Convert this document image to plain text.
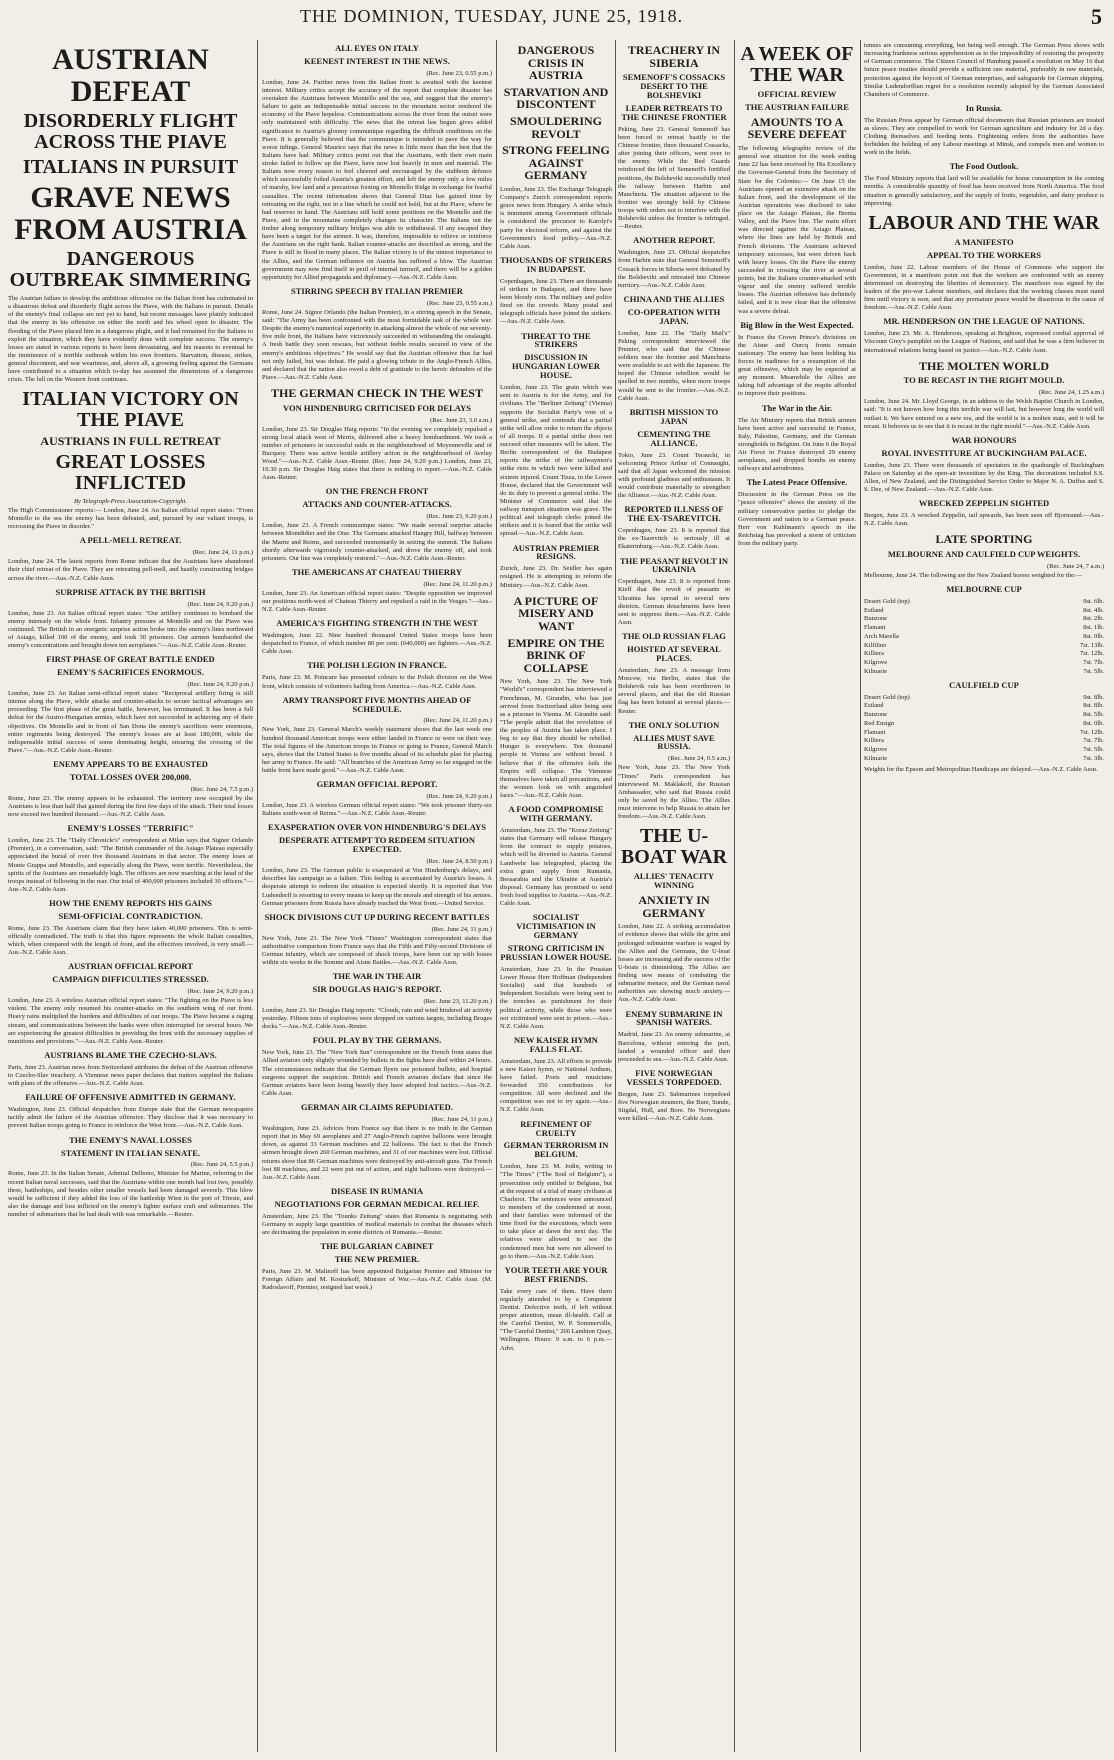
THE DOMINION, TUESDAY, JUNE 25, 1918.	5
AUSTRIAN DEFEAT
DISORDERLY FLIGHT ACROSS THE PIAVE
ITALIANS IN PURSUIT
GRAVE NEWS FROM AUSTRIA
DANGEROUS OUTBREAK SIMMERING
The Austrian failure to develop the ambitious offensive on the Italian front has culminated in a disastrous defeat and disorderly flight across the Piave, with the Italians in pursuit. Details of the enemy's final collapse are not yet to hand, but recent messages have plainly indicated that the enemy in his offensive on either the north and his wheel open to disaster. The flooding of the Piave placed him in a dangerous plight, and it had remained for the Italians to exploit the situation, which they have evidently done with complete success. The enemy's losses are stated in various reports to have been devastating, and his reasons to eventual be the imminence of a terrible outbreak within his own frontiers. Starvation, disease, strikes, general discontent, and war weariness, and, above all, a growing feeling against the Germans have contributed to a situation which to-day has assumed the dimensions of a dangerous crisis. The lull on the Western front continues.
ITALIAN VICTORY ON THE PIAVE
AUSTRIANS IN FULL RETREAT
GREAT LOSSES INFLICTED
By Telegraph-Press Association-Copyright.
The High Commissioner reports:— London, June 24. An Italian official report states: "From Montello to the sea the enemy has been defeated, and, pursued by our valiant troops, is recrossing the Piave in disorder."
A PELL-MELL RETREAT.
(Rec. June 24, 11 p.m.)
London, June 24. The latest reports from Rome indicate that the Austrians have abandoned their chief retreat of the Piave. They are retreating pell-mell, and hastily constructing bridges across the river.—Aus.-N.Z. Cable Assn.
SURPRISE ATTACK BY THE BRITISH
(Rec. June 24, 9.20 p.m.)
London, June 23. An Italian official report states: "Our artillery continues to bombard the enemy intensely on the whole front. Infantry pressure at Montello and on the Piave was continued. The British in an energetic surprise action broke into the enemy's lines northward of Asiago, killed 100 of the enemy, and took 30 prisoners. Our airmen bombarded the enemy's concentrations and brought down ten aeroplanes."—Aus.-N.Z. Cable Assn.-Reuter.
FIRST PHASE OF GREAT BATTLE ENDED
ENEMY'S SACRIFICES ENORMOUS.
(Rec. June 24, 9.20 p.m.)
London, June 23. An Italian semi-official report states: "Reciprocal artillery firing is still intense along the Piave, while attacks and counter-attacks to secure tactical advantages are proceeding. The first phase of the great battle, however, has terminated. It has been a full defeat for the Austro-Hungarian armies, which have not succeeded in achieving any of their objectives. On Montello and in front of San Dona the enemy's sacrifices were enormous, entire regiments being destroyed. The enemy's losses are at least 180,000, while the indispensable initial success of some dominating height, ensuring the crossing of the Piave."—Aus.-N.Z. Cable Assn.-Reuter.
ENEMY APPEARS TO BE EXHAUSTED
TOTAL LOSSES OVER 200,000.
(Rec. June 24, 7.5 p.m.)
Rome, June 23. The enemy appears to be exhausted. The territory now occupied by the Austrians is less than half that gained during the first few days of the attack. Their total losses now exceed two hundred thousand.—Aus.-N.Z. Cable Assn.
ENEMY'S LOSSES "TERRIFIC"
London, June 23. The "Daily Chronicle's" correspondent at Milan says that Signor Orlando (Premier), in a conversation, said: "The British commander of the Asiago Plateau especially appreciated the burial of over five thousand Austrians in that sector. The enemy loses at Monte Grappa and Montello, and especially along the Piave, were terrific. Nevertheless, the spirits of the Austrians are remarkably high. The officers are now marching at the head of the troops instead of following in the rear. Our total of 400,000 prisoners included 30 officers."—Aus.-N.Z. Cable Assn.
HOW THE ENEMY REPORTS HIS GAINS
SEMI-OFFICIAL CONTRADICTION.
Rome, June 23. The Austrians claim that they have taken 40,000 prisoners. This is semi-officially contradicted. The truth is that this figure represents the whole Italian casualties, which, when compared with the length of front, and the effectives involved, is very small.—Aus.-N.Z. Cable Assn.
AUSTRIAN OFFICIAL REPORT
CAMPAIGN DIFFICULTIES STRESSED.
(Rec. June 24, 9.20 p.m.)
London, June 23. A wireless Austrian official report states: "The fighting on the Piave is less violent. The enemy only resumed his counter-attacks on the southern wing of our front. Heavy rains multiplied the burdens and difficulties of our troops. The Piave became a raging stream, and communications between the banks were often interrupted for several hours. We are experiencing the greatest difficulties in providing the front with the necessary supplies of munitions and provisions."—Aus.-N.Z. Cable Assn.-Reuter.
AUSTRIANS BLAME THE CZECHO-SLAVS.
Paris, June 23. Austrian news from Switzerland attributes the defeat of the Austrian offensive to Czecho-Slav treachery. A Viennese news paper declares that traitors supplied the Italians with plans of the offensive.—Aus.-N.Z. Cable Assn.
FAILURE OF OFFENSIVE ADMITTED IN GERMANY.
Washington, June 23. Official despatches from Europe state that the German newspapers tacitly admit the failure of the Austrian offensive. They disclose that it was necessary to prevent Italian troops going to France to reinforce the West front.—Aus.-N.Z. Cable Assn.
THE ENEMY'S NAVAL LOSSES
STATEMENT IN ITALIAN SENATE.
(Rec. June 24, 5.5 p.m.)
Rome, June 23. In the Italian Senate, Admiral Delbono, Minister for Marine, referring to the recent Italian naval successes, said that the Austrians within one month had lost two, possibly three, battleships, and besides other smaller vessels had been damaged severely. This blow would be sufficient if they added the loss of the battleship Wien in the port of Trieste, and also the damage and loss inflicted on the enemy's lighter surface craft and submarines. The number of submarines that he had dealt with was remarkable.—Reuter.
ALL EYES ON ITALY
KEENEST INTEREST IN THE NEWS.
(Rec. June 23, 0.55 p.m.)
London, June 24. Further news from the Italian front is awaited with the keenest interest. Military critics accept the accuracy of the report that complete disaster has overtaken the Austrians between Montello and the sea, and suggest that the enemy's failure to gain an indispensable initial success in the mountain sector rendered the economy of the Piave hopeless. Communications across the river from the outset were only maintained with difficulty. The news that the retreat has begun gives added significance to Austria's gloomy communique regarding the difficult conditions on the Piave. It is generally believed that the communique is intended to pave the way for worse tidings. General Maurice says that the news is little more than the best that the Italians have had. Military critics point out that the Austrians, with their own main stroke failed to follow up the Piave, have now lost heavily in men and material. The Italians now every reason to feel cheered and encouraged by the stubborn defence which successfully foiled Austria's greatest effort, and left the enemy only a few miles of marshy, low land and a precarious footing on Montello Ridge in exchange for fearful casualties. The recent information shows that General Diaz has gained time by retreating on the right, not in a line which he could not hold, but at the Piave, where he had reserves in hand. The Austrians still hold some positions on the Montello and the Piave, and in the mountains completely changes its character. The Italians out the timber along temporary military bridges was able to withdrawal. If any escaped they have been a target for the airmen. It was, therefore, impossible to relieve or reinforce the Austrians on the right bank. Italian counter-attacks are described as strong, and the Piave is still in flood in many places. The Italian victory is of the utmost importance to the Allies, and the German influence on Austria has suffered a blow. The Austrian government may now find itself in peril of internal turmoil, and there will be a golden opportunity for Allied propaganda and diplomacy.—Aus.-N.Z. Cable Assn.
STIRRING SPEECH BY ITALIAN PREMIER
(Rec. June 23, 0.55 a.m.)
Rome, June 24. Signor Orlando (the Italian Premier), in a stirring speech in the Senate, said: "The Army has been confronted with the most formidable task of the whole war. Despite the enemy's numerical superiority in attacking almost the whole of our seventy-five mile front, the Italians have victoriously succeeded in withstanding the onslaught. A fresh battle they soon rescues, but without feeble results secured in view of the enemy's ambitious objectives." He would say that the Austrian offensive thus far had not only failed, but was defeat. He paid a glowing tribute to the Anglo-French Allies, and declared that the nation also owed a debt of gratitude to the heroic defenders of the Piave.—Aus.-N.Z. Cable Assn.
THE GERMAN CHECK IN THE WEST
VON HINDENBURG CRITICISED FOR DELAYS
(Rec. June 23, 3.0 a.m.)
London, June 23. Sir Douglas Haig reports: "In the evening we completely repulsed a strong local attack west of Merris, delivered after a heavy bombardment. We took a number of prisoners in successful raids in the neighbourhood of Moyenneville and of Bucquoy. There was active hostile artillery action in the neighbourhood of Aveluy Wood."—Aus.-N.Z. Cable Assn.-Reuter. (Rec. June 24, 9.20 p.m.) London, June 23, 10.30 p.m. Sir Douglas Haig states that there is nothing to report.—Aus.-N.Z. Cable Assn.-Reuter.
ON THE FRENCH FRONT
ATTACKS AND COUNTER-ATTACKS.
(Rec. June 23, 9.20 p.m.)
London, June 23. A French communique states: "We made several surprise attacks between Montdidier and the Oise. The Germans attacked Hangry Hill, halfway between the Marne and Reims, and succeeded momentarily in seizing the summit. The Italians shortly afterwards vigorously counter-attacked, and drove the enemy off, and took prisoners. Our line was completely restored."—Aus.-N.Z. Cable Assn.-Reuter.
THE AMERICANS AT CHATEAU THIERRY
(Rec. June 24, 11.20 p.m.)
London, June 23. An American official report states: "Despite opposition we improved our positions north-west of Chateau Thierry and repulsed a raid in the Vosges."—Aus.-N.Z. Cable Assn.-Reuter.
AMERICA'S FIGHTING STRENGTH IN THE WEST
Washington, June 22. Nine hundred thousand United States troops have been despatched to France, of which number 80 per cent. (640,000) are fighters.—Aus.-N.Z. Cable Assn.
THE POLISH LEGION IN FRANCE.
Paris, June 23. M. Poincare has presented colours to the Polish division on the West front, which consists of volunteers hailing from America.—Aus.-N.Z. Cable Assn.
ARMY TRANSPORT FIVE MONTHS AHEAD OF SCHEDULE.
(Rec. June 24, 11.20 p.m.)
New York, June 23. General March's weekly statement shows that the last week one hundred thousand American troops were either landed in France or were on their way. The total figures of the American troops in France or going to France, General March says, shows that the United States is five months ahead of its schedule plan for placing her army in France. He said: "All branches of the American Army so far engaged on the battle front have made good."—Aus.-N.Z. Cable Assn.
GERMAN OFFICIAL REPORT.
(Rec. June 24, 9.20 p.m.)
London, June 23. A wireless German official report states: "We took prisoner thirty-six Italians south-west of Reims."—Aus.-N.Z. Cable Assn.-Reuter.
EXASPERATION OVER VON HINDENBURG'S DELAYS
DESPERATE ATTEMPT TO REDEEM SITUATION EXPECTED.
(Rec. June 24, 8.50 p.m.)
London, June 23. The German public is exasperated at Von Hindenburg's delays, and describes his campaign as a failure. This feeling is accentuated by Austria's losses. A desperate attempt to redeem the situation is expected shortly. It is reported that Von Ludendorff is resorting to every means to keep up the morale and strength of his armies. German prisoners from Russia have already reached the West front.—United Service.
SHOCK DIVISIONS CUT UP DURING RECENT BATTLES
(Rec. June 24, 11 p.m.)
New York, June 23. The New York "Times" Washington correspondent states that authoritative comparison from France says that the Fifth and Fifty-second Divisions of German infantry, which are composed of shock troops, have been cut up with losses within six weeks in the Somme and Aisne Battles.—Aus.-N.Z. Cable Assn.
THE WAR IN THE AIR
SIR DOUGLAS HAIG'S REPORT.
(Rec. June 23, 11.20 p.m.)
London, June 23. Sir Douglas Haig reports: "Clouds, rain and wind hindered air activity yesterday. Fifteen tons of explosives were dropped on various targets, including Bruges docks."—Aus.-N.Z. Cable Assn.-Reuter.
FOUL PLAY BY THE GERMANS.
New York, June 23. The "New York Sun" correspondent on the French front states that Allied aviators only slightly wounded by bullets in the fights have died within 24 hours. The circumstances indicate that the German flyers use poisoned bullets, and hospital surgeons support the suspicion. British and French aviators declare that since the German aviators have been losing heavily they have adopted foul tactics.—Aus.-N.Z. Cable Assn.
GERMAN AIR CLAIMS REPUDIATED.
(Rec. June 24, 11 p.m.)
Washington, June 23. Advices from France say that there is no truth in the German report that in May 69 aeroplanes and 27 Anglo-French captive balloons were brought down, as against 33 German machines and 22 balloons. The fact is that the French airmen brought down 260 German machines, and 31 of our machines were lost. Official returns show that 86 German machines were destroyed by anti-aircraft guns. The French lost 88 machines, and 22 were put out of action, and eight balloons were destroyed.—Aus.-N.Z. Cable Assn.
DISEASE IN RUMANIA
NEGOTIATIONS FOR GERMAN MEDICAL RELIEF.
Amsterdam, June 23. The "Tounks Zeitung" states that Rumania is negotiating with Germany to supply large quantities of medical materials to combat the diseases which are decimating the population in some districts of Rumania.—Reuter.
THE BULGARIAN CABINET
THE NEW PREMIER.
Paris, June 23. M. Malinoff has been appointed Bulgarian Premier and Minister for Foreign Affairs and M. Kosturkoff, Minister of War.—Aus.-N.Z. Cable Assn. (M. Radoslavoff, Premier, resigned last week.)
DANGEROUS CRISIS IN AUSTRIA
STARVATION AND DISCONTENT
SMOULDERING REVOLT
STRONG FEELING AGAINST GERMANY
London, June 23. The Exchange Telegraph Company's Zurich correspondent reports grave news from Hungary. A strike which is imminent among Government officials is considered the precursor to Karolyi's party for electoral reform, and against the Government's food policy.—Aus.-N.Z. Cable Assn.
THOUSANDS OF STRIKERS IN BUDAPEST.
Copenhagen, June 23. There are thousands of strikers in Budapest, and there have been bloody riots. The military and police fired on the crowds. Many postal and telegraph officials have joined the strikers.—Aus.-N.Z. Cable Assn.
THREAT TO THE STRIKERS
DISCUSSION IN HUNGARIAN LOWER HOUSE.
London, June 23. The grain which was sent to Austria is for the Army, and for civilians. The "Berliner Zeitung" (Vienna) supports the Socialist Party's vote of a general strike, and contends that a partial strike will allow order to return the objects of all troops. If a partial strike does not succeed other measures will be taken. The Berlin correspondent of the Budapest reports the strike of the railwaymen's strike riots in which two were killed and sixteen injured. Count Tisza, in the Lower House, declared that the Government will do its duty to prevent a general strike. The Minister of Commerce said that the railway transport situation was grave. The political and telegraph clerks joined the strikers and it is feared that the strike will spread.—Aus.-N.Z. Cable Assn.
AUSTRIAN PREMIER RESIGNS.
Zurich, June 23. Dr. Seidler has again resigned. He is attempting to reform the Ministry.—Aus.-N.Z. Cable Assn.
A PICTURE OF MISERY AND WANT
EMPIRE ON THE BRINK OF COLLAPSE
New York, June 23. The New York "World's" correspondent has interviewed a Frenchman, M. Girandin, who has just arrived from Switzerland after being sent as a prisoner in Vienna. M. Girandin said: "The people admit that the revolution of the peoples of Austria has taken place. I beg to say that they should be rebelled. Hunger is everywhere. Ten thousand people in Vienna are without bread. I believe that if the offensive fails the Empire will collapse. The Viennese themselves have taken all precautions, and the women look on with anguished faces."—Aus.-N.Z. Cable Assn.
A FOOD COMPROMISE WITH GERMANY.
Amsterdam, June 23. The "Kreuz Zeitung" states that Germany will release Hungary from the contract to supply potatoes, which will be diverted to Austria. General Landwehr has telegraphed, placing the extra grain supply from Rumania, Bessarabia and the Ukraine at Austria's disposal. Germany has promised to send fresh food supplies to Austria.—Aus.-N.Z. Cable Assn.
SOCIALIST VICTIMISATION IN GERMANY
STRONG CRITICISM IN PRUSSIAN LOWER HOUSE.
Amsterdam, June 23. In the Prussian Lower House Herr Hoffman (Independent Socialist) said that hundreds of Independent Socialists were being sent to the trenches as punishment for their political activity, while those who were not victimised were sent to prison.—Aus.-N.Z. Cable Assn.
NEW KAISER HYMN FALLS FLAT.
Amsterdam, June 23. All efforts to provide a new Kaiser hymn, or National Anthem, have failed. Poets and musicians forwarded 350 contributions for competition. All were declined and the competition was not to try again.—Aus.-N.Z. Cable Assn.
REFINEMENT OF CRUELTY
GERMAN TERRORISM IN BELGIUM.
London, June 23. M. Jodin, writing in "The Times" ("The Soul of Belgium"), a prosecution only entitled to Belgians, but at the request of a trial of many civilians at Charleroi. The sentences were announced to members of the condemned at noon, and their families were informed of the time fixed for the executions, which were to take place at dawn the next day. The relatives were allowed to see the condemned men but were not allowed to go to them.—Aus.-N.Z. Cable Assn.
YOUR TEETH ARE YOUR BEST FRIENDS.
Take every care of them. Have them regularly attended to by a Competent Dentist. Defective teeth, if left without proper attention, mean ill-health. Call at the Careful Dentist, W. P. Sommerville, "The Careful Dentist," 266 Lambton Quay, Wellington. Hours: 9 a.m. to 6 p.m.—Advt.
TREACHERY IN SIBERIA
SEMENOFF'S COSSACKS DESERT TO THE BOLSHEVIKI
LEADER RETREATS TO THE CHINESE FRONTIER
Peking, June 23. General Semenoff has been forced to retreat hastily to the Chinese frontier, three thousand Cossacks, after joining their officers, went over to the enemy. While the Red Guards reinforced the left of Semenoff's fortified positions, the Bolsheviki successfully tried the railway between Harbin and Manchuria. The situation adjacent to the frontier was strongly held by Chinese troops with orders not to interfere with the Bolsheviki unless the frontier is infringed.—Reuter.
ANOTHER REPORT.
Washington, June 23. Official despatches from Harbin state that General Semenoff's Cossack forces in Siberia were defeated by the Bolsheviki and retreated into Chinese territory.—Aus.-N.Z. Cable Assn.
CHINA AND THE ALLIES
CO-OPERATION WITH JAPAN.
London, June 22. The "Daily Mail's" Peking correspondent interviewed the Premier, who said that the Chinese soldiers near the frontier and Manchuria were available to act with the Japanese. He hoped the Chinese rebellion would be quelled in two months, when more troops would be sent to the frontier.—Aus.-N.Z. Cable Assn.
BRITISH MISSION TO JAPAN
CEMENTING THE ALLIANCE.
Tokio, June 23. Count Terauchi, in welcoming Prince Arthur of Connaught, said that all Japan welcomed the mission with profound gladness and enthusiasm. It would contribute materially to strengthen the Alliance.—Aus.-N.Z. Cable Assn.
REPORTED ILLNESS OF THE EX-TSAREVITCH.
Copenhagen, June 23. It is reported that the ex-Tsarevitch is seriously ill at Ekaterinburg.—Aus.-N.Z. Cable Assn.
THE PEASANT REVOLT IN UKRAINIA
Copenhagen, June 23. It is reported from Kieff that the revolt of peasants in Ukrainia has spread to several new districts. German detachments have been sent to suppress them.—Aus.-N.Z. Cable Assn.
THE OLD RUSSIAN FLAG
HOISTED AT SEVERAL PLACES.
Amsterdam, June 23. A message from Moscow, via Berlin, states that the Bolshevik rule has been overthrown in several places, and that the old Russian flag has been hoisted at several places.—Reuter.
THE ONLY SOLUTION
ALLIES MUST SAVE RUSSIA.
(Rec. June 24, 0.5 a.m.)
New York, June 23. The New York "Times" Paris correspondent has interviewed M. Maklakoff, the Russian Ambassador, who said that Russia could only be saved by the Allies. The Allies must intervene to help Russia to attain her freedom.—Aus.-N.Z. Cable Assn.
THE U-BOAT WAR
ALLIES' TENACITY WINNING
ANXIETY IN GERMANY
London, June 22. A striking accumulation of evidence shows that while the grim and prolonged submarine warfare is waged by the Allies and the Germans, the U-boat losses are increasing and the success of the U-boats is diminishing. The Allies are finding new means of combating the submarine menace, and the German naval authorities are showing much anxiety.—Aus.-N.Z. Cable Assn.
ENEMY SUBMARINE IN SPANISH WATERS.
Madrid, June 23. An enemy submarine, at Barcelona, without entering the port, landed a wounded officer and then proceeded to sea.—Aus.-N.Z. Cable Assn.
FIVE NORWEGIAN VESSELS TORPEDOED.
Bergen, June 23. Submarines torpedoed five Norwegian steamers, the Bure, Sunde, Stigdal, Hull, and Bore. No Norwegians were killed.—Aus.-N.Z. Cable Assn.
A WEEK OF THE WAR
OFFICIAL REVIEW
THE AUSTRIAN FAILURE
AMOUNTS TO A SEVERE DEFEAT
The following telegraphic review of the general war situation for the week ending June 22 has been received by His Excellency the Governor-General from the Secretary of State for the Colonies:— On June 15 the Austrians opened an extensive attack on the Italian front, and the development of the Austrian operations was disclosed to take place on the Asiago Plateau, the Brenta Valley, and the Piave line. The main effort was directed against the Asiago Plateau, where the lines are held by British and French divisions. The Austrians achieved temporary successes, but were driven back with heavy losses. On the Piave the enemy succeeded in crossing the river at several points, but the Italians counter-attacked with vigour and the enemy suffered terrible losses. The Austrian offensive has definitely failed, and it is now clear that the offensive was a severe defeat.
Big Blow in the West Expected.
In France the Crown Prince's divisions on the Aisne and Ourcq fronts remain stationary. The enemy has been holding his forces in readiness for a resumption of the great offensive, which may be expected at any moment. Meanwhile the Allies are taking full advantage of the respite afforded to improve their positions.
The War in the Air.
The Air Ministry reports that British airmen have been active and successful in France, Italy, Palestine, Germany, and the German strongholds in Belgium. On June 6 the Royal Air Force in France destroyed 29 enemy aeroplanes, and dropped bombs on enemy railways and aerodromes.
The Latest Peace Offensive.
Discussion in the German Press on the "peace offensive" shows the anxiety of the military conservative parties to pledge the Government and nation to a German peace. Herr von Kuhlmann's speech in the Reichstag has provoked a storm of criticism from the military party.
tonnes are consuming everything, but being well enough. The German Press shows with increasing frankness serious apprehension as to the impossibility of restoring the prosperity of German commerce. The Citizen Council of Hamburg passed a resolution on May 16 that future peace treaties should provide a sufficient raw material, preferably in raw materials, protection against the boycott of German enterprises, and safeguards for German shipping. Similar Ludendorffian regret for a resolution recently adopted by the German Associated Chambers of Commerce.
In Russia.
The Russian Press appear by German official documents that Russian prisoners are treated as slaves. They are compelled to work for German agriculture and industry for 2d a day. Clothing themselves and feeding tents. Frightening orders from the authorities have forbidden the holding of any Labour meetings at Minsk, and compels men and women to work in the fields.
The Food Outlook.
The Food Ministry reports that lard will be available for home consumption in the coming months. A considerable quantity of food has been received from North America. The food situation is generally satisfactory, and the supply of fruits, vegetables, and dairy produce is improving.
LABOUR AND THE WAR
A MANIFESTO
APPEAL TO THE WORKERS
London, June 22. Labour members of the House of Commons who support the Government, in a manifesto point out that the workers are confronted with an enemy determined on destroying the liberties of democracy. The manifesto was signed by the leaders of the pro-war Labour members, and declares that the working classes must stand firm until victory is won, and that any premature peace would be disastrous to the cause of freedom.—Aus.-N.Z. Cable Assn.
MR. HENDERSON ON THE LEAGUE OF NATIONS.
London, June 23. Mr. A. Henderson, speaking at Brighton, expressed cordial approval of Viscount Grey's pamphlet on the League of Nations, and said that he was a firm believer in international relations being based on justice.—Aus.-N.Z. Cable Assn.
THE MOLTEN WORLD
TO BE RECAST IN THE RIGHT MOULD.
(Rec. June 24, 1.25 a.m.)
London, June 24. Mr. Lloyd George, in an address to the Welsh Baptist Church in London, said: "It is not known how long this terrible war will last, but however long the world will outlast it. We have entered on a new era, and the world is in a molten state, and it will be recast. It behoves us to see that it is recast in the right mould."—Aus.-N.Z. Cable Assn.
WAR HONOURS
ROYAL INVESTITURE AT BUCKINGHAM PALACE.
London, June 23. There were thousands of spectators in the quadrangle of Buckingham Palace on Saturday at the open-air investiture by the King. The decorations included S.S. Allen, of New Zealand, and the Distinguished Service Order to Major N. A. Duffus and S. S. Dee, of New Zealand.—Aus.-N.Z. Cable Assn.
WRECKED ZEPPELIN SIGHTED
Bergen, June 23. A wrecked Zeppelin, tail upwards, has been seen off Bjornsund.—Aus.-N.Z. Cable Assn.
LATE SPORTING
MELBOURNE AND CAULFIELD CUP WEIGHTS.
(Rec. June 24, 7 a.m.)
Melbourne, June 24. The following are the New Zealand horses weighted for the:—
MELBOURNE CUP
Desert Gold (top)	9st. 6lb.
Estland	8st. 4lb.
Bunzone	8st. 2lb.
Flamant	8st. 1lb.
Arch Marella	8st. 0lb.
Kilfilino	7st. 13lb.
Killiera	7st. 12lb.
Kilgrove	7st. 7lb.
Kilmarie	7st. 5lb.
CAULFIELD CUP
Desert Gold (top)	9st. 8lb.
Estland	8st. 8lb.
Bunzone	8st. 5lb.
Red Ensign	8st. 0lb.
Flamant	7st. 12lb.
Killiera	7st. 7lb.
Kilgrove	7st. 5lb.
Kilmarie	7st. 3lb.
Weights for the Epsom and Metropolitan Handicaps are delayed.—Aus.-N.Z. Cable Assn.
